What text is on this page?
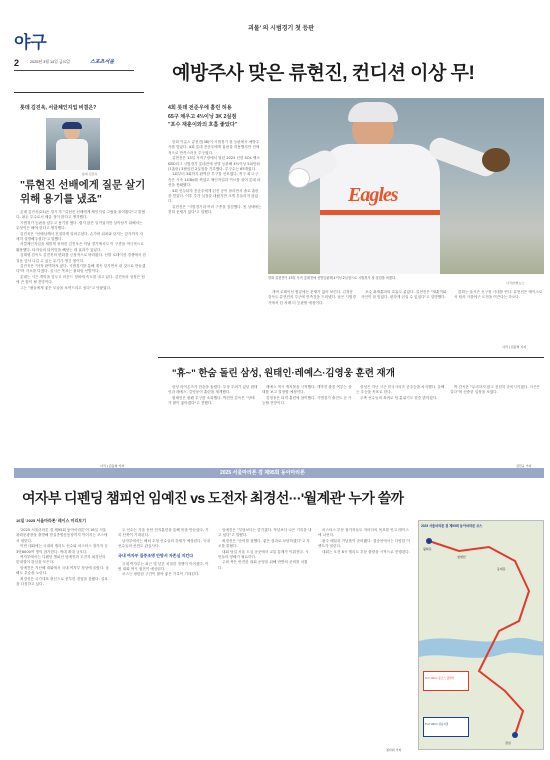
야구
2	2025년 3월 14일 금요일	스포츠서울
괴물' 의 시범경기 첫 등판
예방주사 맞은 류현진, 컨디션 이상 무!
롯데 김진욱, 서클체인지업 비결은?
롯데 김진욱
"류현진 선배에게 질문 살기위해 용기를 냈죠"

롯데 김진욱(23)은 경기 후 "류현진 선배에게 체인지업 그립을 물어봤다"고 밝혔다. 왼손 투수로서 배울 점이 많다고 생각했다.

시범경기 등판을 앞두고 용기를 냈다. 쉽지 않은 일이었지만 살아남기 위해서는 무엇이든 해야 한다고 생각했다.

김진욱은 "선배님께서 친절하게 알려주셨다. 손가락 위치와 던지는 감각까지 자세히 설명해주셨다"고 말했다.

서클체인지업을 새롭게 장착한 김진욱은 이날 경기에서도 이 구종을 적극적으로 활용했다. 타자들의 타이밍을 빼앗는 데 효과가 있었다.

김태형 감독도 김진욱의 변화를 긍정적으로 바라봤다. 선발 로테이션 경쟁에서 한 걸음 앞서 나갈 수 있는 무기가 생긴 셈이다.

김진욱은 "아직 완벽하지 않다. 시범경기를 통해 계속 던지면서 내 것으로 만들겠다"며 각오를 다졌다. 올시즌 목표는 풀타임 선발이다.

롯데는 시즌 개막을 앞두고 마운드 정비에 속도를 내고 있다. 김진욱의 성장은 팀에 큰 힘이 될 전망이다.

그는 "팬들에게 좋은 모습을 보여드리고 싶다"고 덧붙였다.

사직 | 김동영 기자
4회 롯데 전준우에 홈런 허용
65구 채우고 4⅔이닝 3K 2실점
"포수 재훈이와의 호흡 좋았다"
Eagles
한화 류현진이 13일 사직 롯데전에 선발등판해 4이닝 2실점으로 시범경기 첫 점검을 마쳤다.
사직|연합뉴스

한화 이글스 류현진(38)이 시범경기 첫 등판에서 예방주사를 맞았다. 4회 롯데 전준우에게 홈런을 허용했지만 전체적으로 만족스러운 투구였다.

류현진은 13일 사직구장에서 열린 2025 신한 SOL 뱅크 KBO리그 시범경기 롯데전에 선발 등판해 4⅔이닝 5피안타(1홈런) 3탈삼진 2실점을 기록했다. 투구수는 65개였다.

1회부터 3회까지 완벽한 투구를 선보였다. 직구 최고 구속은 시속 143㎞를 찍었고 체인지업과 커브를 섞어 롯데 타선을 봉쇄했다.

4회 선두타자 전준우에게 던진 공이 몰리면서 솔로 홈런을 맞았다. 이후 추가 실점을 내줬지만 크게 흔들리지 않았다.

류현진은 "시범경기라 여러 구종을 점검했다. 몸 상태에는 전혀 문제가 없다"고 말했다.

개막 로테이션 합류에는 문제가 없어 보인다. 김경문 감독도 류현진의 투구에 만족감을 드러냈다. 남은 시범경기에서 한 차례 더 등판할 예정이다.

포수 최재훈과의 호흡도 좋았다. 류현진은 "재훈이와 사인이 잘 맞았다. 편하게 던질 수 있었다"고 설명했다.

한화는 올시즌 신구장 시대를 연다. 류현진은 에이스로서 팀의 가을야구 도전을 이끈다는 각오다.

사직 | 김동영 기자
"휴~" 한숨 돌린 삼성, 원태인·레예스·김영웅 훈련 재개

삼성 라이온즈가 한숨을 돌렸다. 부상 우려가 있던 원태인과 레예스, 김영웅이 훈련을 재개했다.

원태인은 불펜 투구를 소화했다. 박진만 감독은 "상태가 많이 좋아졌다"고 전했다.

레예스 역시 캐치볼을 시작했다. 개막전 출전 여부는 상태를 보고 결정할 예정이다.

김영웅은 타격 훈련에 참여했다. 시범경기 출전도 곧 가능할 전망이다.

삼성은 지난 시즌 한국시리즈 준우승을 차지했다. 올해는 우승을 목표로 한다.

주축 선수들의 복귀로 팀 분위기도 한층 밝아졌다.

박 감독은 "무리하지 않고 천천히 준비시키겠다. 시즌은 길다"며 신중한 입장을 보였다.

김민규 기자
2025 서울마라톤 겸 제95회 동아마라톤
여자부 디펜딩 챔피언 임예진 vs 도전자 최경선···'월계관' 누가 쓸까
16일 '2025 서울마라톤' 레이스 미리보기

'2025 서울마라톤 겸 제95회 동아마라톤'이 16일 서울 광화문광장을 출발해 잠실종합운동장까지 이어지는 코스에서 열린다.

이번 대회에는 국내외 엘리트 선수와 마스터스 참가자 등 3만8000여 명이 참가한다. 역대 최대 규모다.

여자부에서는 디펜딩 챔피언 임예진과 도전자 최경선의 맞대결이 관심을 모은다.

임예진은 지난해 대회에서 국내 여자부 정상에 올랐다. 올해도 우승을 노린다.

최경선은 국가대표 출신으로 풍부한 경험을 갖췄다. 설욕을 다짐하고 있다.

두 선수는 겨울 동안 전지훈련을 통해 몸을 만들었다. 기록 단축이 기대된다.

남자부에서는 해외 초청 선수들의 강세가 예상된다. 국내 선수들의 선전도 관심사다.

국내 여자부 집중조명 안방서 자존심 지킨다

국내 여자부는 최근 몇 년간 치열한 경쟁이 이어졌다. 이번 대회 역시 접전이 예상된다.

코스는 평탄한 구간이 많아 좋은 기록이 기대된다.

임예진은 "부담보다는 즐기겠다. 작년보다 나은 기록을 내고 싶다"고 말했다.

최경선은 "준비를 잘했다. 좋은 결과로 보답하겠다"고 각오를 밝혔다.

대회 당일 서울 도심 곳곳에서 교통 통제가 이뤄진다. 시민들의 양해가 필요하다.

주최 측은 안전한 대회 운영을 위해 만반의 준비를 마쳤다.

마스터스 부문 참가자들도 저마다의 목표를 안고 레이스에 나선다.

완주 메달과 기념품이 준비됐다. 결승선에서는 다양한 이벤트가 열린다.

대회는 오전 8시 엘리트 부문 출발을 시작으로 진행된다.

정다워 기자
2025 서울마라톤 겸 제95회 동아마라톤 코스
광화문
청계천
동대문
잠실
Full 10km 풀코스 출발지
Full 10km 결승지점
